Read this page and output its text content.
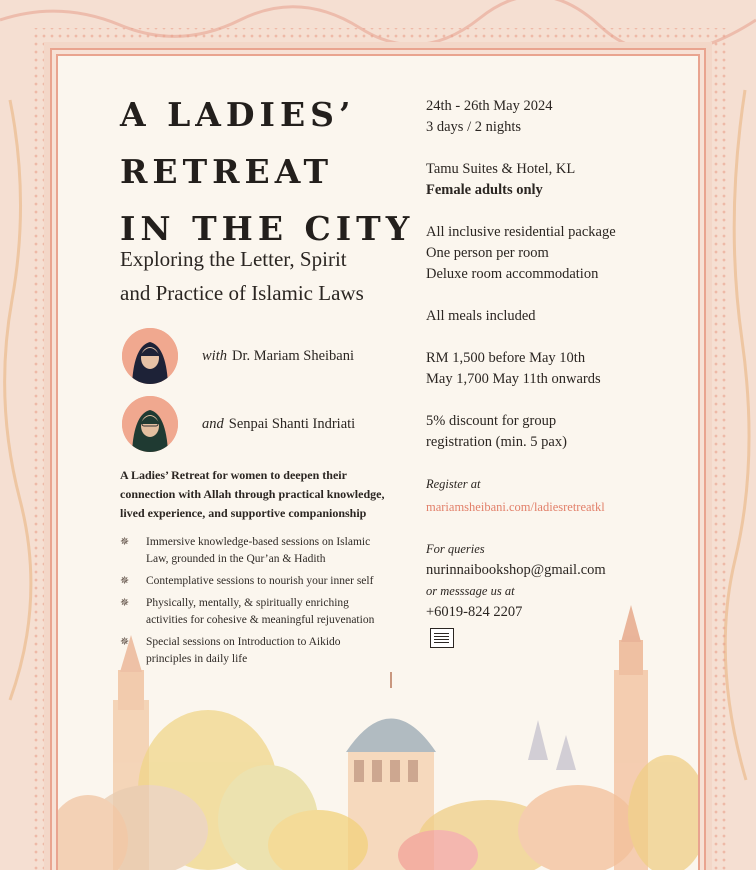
A LADIES’
RETREAT
IN THE CITY
Exploring the Letter, Spirit
and Practice of Islamic Laws
with Dr. Mariam Sheibani
and Senpai Shanti Indriati
A Ladies’ Retreat for women to deepen their
connection with Allah through practical knowledge,
lived experience, and supportive companionship
✵ Immersive knowledge-based sessions on Islamic
Law, grounded in the Qur’an & Hadith
✵ Contemplative sessions to nourish your inner self
✵ Physically, mentally, & spiritually enriching
activities for cohesive & meaningful rejuvenation
✵ Special sessions on Introduction to Aikido
principles in daily life
24th - 26th May 2024
3 days / 2 nights
Tamu Suites & Hotel, KL
Female adults only
All inclusive residential package
One person per room
Deluxe room accommodation
All meals included
RM 1,500 before May 10th
May 1,700 May 11th onwards
5% discount for group
registration (min. 5 pax)
Register at
mariamsheibani.com/ladiesretreatkl
For queries
nurinnaibookshop@gmail.com
or messsage us at
+6019-824 2207
